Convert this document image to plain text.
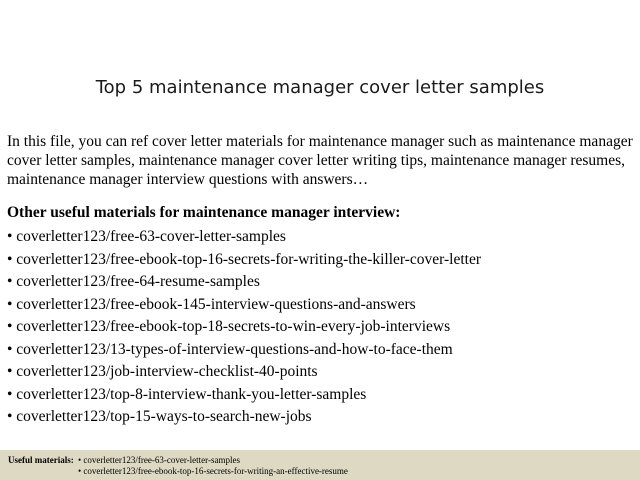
Top 5 maintenance manager cover letter samples
In this file, you can ref cover letter materials for maintenance manager such as maintenance manager cover letter samples, maintenance manager cover letter writing tips, maintenance manager resumes, maintenance manager interview questions with answers…
Other useful materials for maintenance manager interview:
• coverletter123/free-63-cover-letter-samples
• coverletter123/free-ebook-top-16-secrets-for-writing-the-killer-cover-letter
• coverletter123/free-64-resume-samples
• coverletter123/free-ebook-145-interview-questions-and-answers
• coverletter123/free-ebook-top-18-secrets-to-win-every-job-interviews
• coverletter123/13-types-of-interview-questions-and-how-to-face-them
• coverletter123/job-interview-checklist-40-points
• coverletter123/top-8-interview-thank-you-letter-samples
• coverletter123/top-15-ways-to-search-new-jobs
Useful materials: • coverletter123/free-63-cover-letter-samples
• coverletter123/free-ebook-top-16-secrets-for-writing-an-effective-resume
